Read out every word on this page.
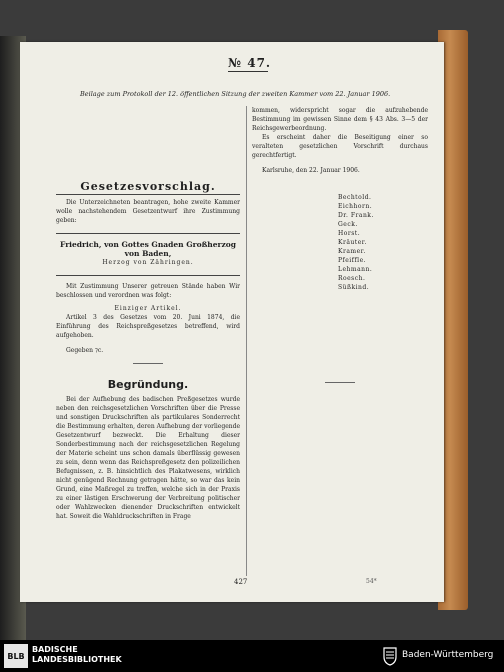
№ 47.
Beilage zum Protokoll der 12. öffentlichen Sitzung der zweiten Kammer vom 22. Januar 1906.
Gesetzesvorschlag.
Die Unterzeichneten beantragen, hohe zweite Kammer wolle nachstehendem Gesetzentwurf ihre Zustimmung geben:
Friedrich, von Gottes Gnaden Großherzog von Baden,
Herzog von Zähringen.
Mit Zustimmung Unserer getreuen Stände haben Wir beschlossen und verordnen was folgt:
Einziger Artikel.
Artikel 3 des Gesetzes vom 20. Juni 1874, die Einführung des Reichspreßgesetzes betreffend, wird aufgehoben.
Gegeben ⁊c.
Begründung.
Bei der Aufhebung des badischen Preßgesetzes wurde neben den reichsgesetzlichen Vorschriften über die Presse und sonstigen Druckschriften als partikulares Sonderrecht die Bestimmung erhalten, deren Aufhebung der vorliegende Gesetzentwurf bezweckt. Die Erhaltung dieser Sonderbestimmung nach der reichsgesetzlichen Regelung der Materie scheint uns schon damals überflüssig gewesen zu sein, denn wenn das Reichspreßgesetz den polizeilichen Befugnissen, z. B. hinsichtlich des Plakatwesens, wirklich nicht genügend Rechnung getragen hätte, so war das kein Grund, eine Maßregel zu treffen, welche sich in der Praxis zu einer lästigen Erschwerung der Verbreitung politischer oder Wahlzwecken dienender Druckschriften entwickelt hat. Soweit die Wahldruckschriften in Frage
kommen, widerspricht sogar die aufzuhebende Bestimmung im gewissen Sinne dem § 43 Abs. 3—5 der Reichsgewerbeordnung.
Es erscheint daher die Beseitigung einer so veralteten gesetzlichen Vorschrift durchaus gerechtfertigt.
Karlsruhe, den 22. Januar 1906.
Bechtold.
Eichhorn.
Dr. Frank.
Geck.
Horst.
Kräuter.
Kramer.
Pfeiffle.
Lehmann.
Roesch.
Süßkind.
427	54*
BLB
BADISCHE
LANDESBIBLIOTHEK	Baden-Württemberg
